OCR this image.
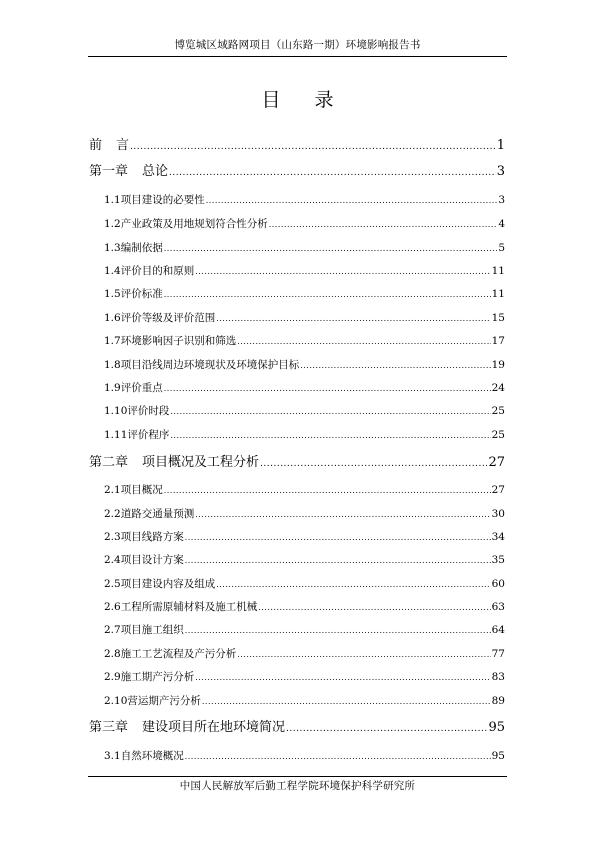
博览城区域路网项目（山东路一期）环境影响报告书
目 录
前 言 .....	1
第一章 总论 .....	3
1.1 项目建设的必要性 .....	3
1.2 产业政策及用地规划符合性分析 .....	4
1.3 编制依据 .....	5
1.4 评价目的和原则 .....	11
1.5 评价标准 .....	11
1.6 评价等级及评价范围 .....	15
1.7 环境影响因子识别和筛选 .....	17
1.8 项目沿线周边环境现状及环境保护目标 .....	19
1.9 评价重点 .....	24
1.10 评价时段 .....	25
1.11 评价程序 .....	25
第二章 项目概况及工程分析 .....	27
2.1 项目概况 .....	27
2.2 道路交通量预测 .....	30
2.3 项目线路方案 .....	34
2.4 项目设计方案 .....	35
2.5 项目建设内容及组成 .....	60
2.6 工程所需原辅材料及施工机械 .....	63
2.7 项目施工组织 .....	64
2.8 施工工艺流程及产污分析 .....	77
2.9 施工期产污分析 .....	83
2.10 营运期产污分析 .....	89
第三章 建设项目所在地环境简况 .....	95
3.1 自然环境概况 .....	95
中国人民解放军后勤工程学院环境保护科学研究所
